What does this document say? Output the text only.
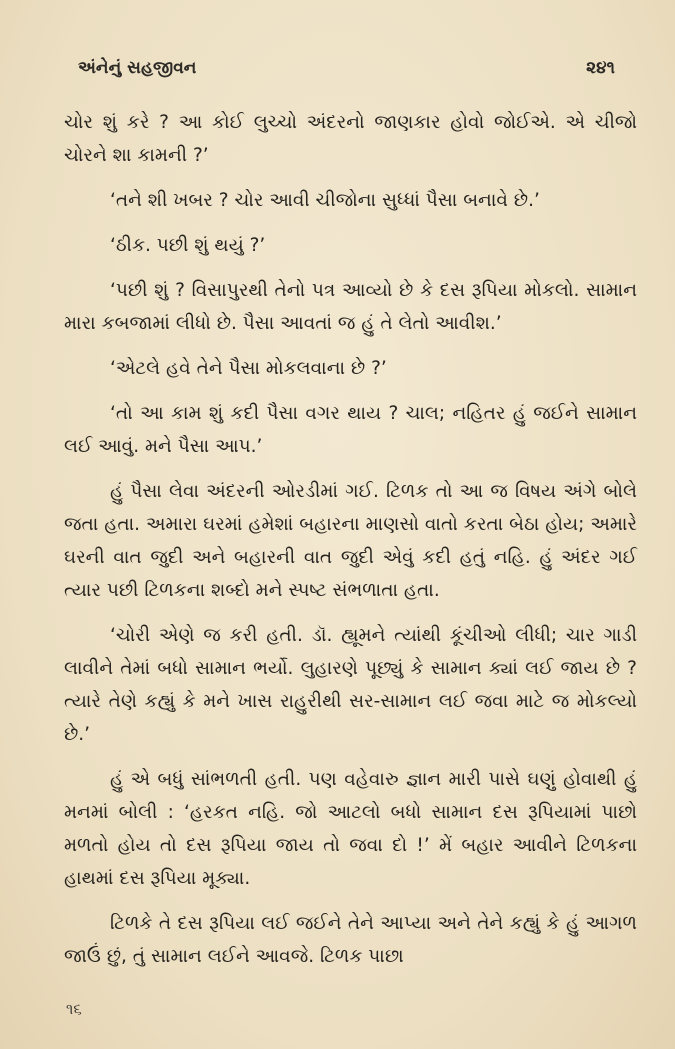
અંનેનું સહજીવન	૨૪૧

ચોર શું કરે ? આ કોઈ લુચ્ચો અંદરનો જાણકાર હોવો જોઈએ. એ ચીજો ચોરને શા કામની ?’

‘તને શી ખબર ? ચોર આવી ચીજોના સુધ્ધાં પૈસા બનાવે છે.’

‘ઠીક. પછી શું થયું ?’

‘પછી શું ? વિસાપુરથી તેનો પત્ર આવ્યો છે કે દસ રૂપિયા મોકલો. સામાન મારા કબજામાં લીધો છે. પૈસા આવતાં જ હું તે લેતો આવીશ.’

‘એટલે હવે તેને પૈસા મોકલવાના છે ?’

‘તો આ કામ શું કદી પૈસા વગર થાય ? ચાલ; નહિતર હું જઈને સામાન લઈ આવું. મને પૈસા આપ.’

હું પૈસા લેવા અંદરની ઓરડીમાં ગઈ. ટિળક તો આ જ વિષય અંગે બોલે જતા હતા. અમારા ઘરમાં હમેશાં બહારના માણસો વાતો કરતા બેઠા હોય; અમારે ઘરની વાત જુદી અને બહારની વાત જુદી એવું કદી હતું નહિ. હું અંદર ગઈ ત્યાર પછી ટિળકના શબ્દો મને સ્પષ્ટ સંભળાતા હતા.

‘ચોરી એણે જ કરી હતી. ડૉ. હ્યૂમને ત્યાંથી કૂંચીઓ લીધી; ચાર ગાડી લાવીને તેમાં બધો સામાન ભર્યો. લુહારણે પૂછ્યું કે સામાન ક્યાં લઈ જાય છે ? ત્યારે તેણે કહ્યું કે મને ખાસ રાહુરીથી સર-સામાન લઈ જવા માટે જ મોકલ્યો છે.’

હું એ બધું સાંભળતી હતી. પણ વહેવારુ જ્ઞાન મારી પાસે ઘણું હોવાથી હું મનમાં બોલી : ‘હરકત નહિ. જો આટલો બધો સામાન દસ રૂપિયામાં પાછો મળતો હોય તો દસ રૂપિયા જાય તો જવા દો !’ મેં બહાર આવીને ટિળકના હાથમાં દસ રૂપિયા મૂક્યા.

ટિળકે તે દસ રૂપિયા લઈ જઈને તેને આપ્યા અને તેને કહ્યું કે હું આગળ જાઉં છું, તું સામાન લઈને આવજે. ટિળક પાછા

૧૬
